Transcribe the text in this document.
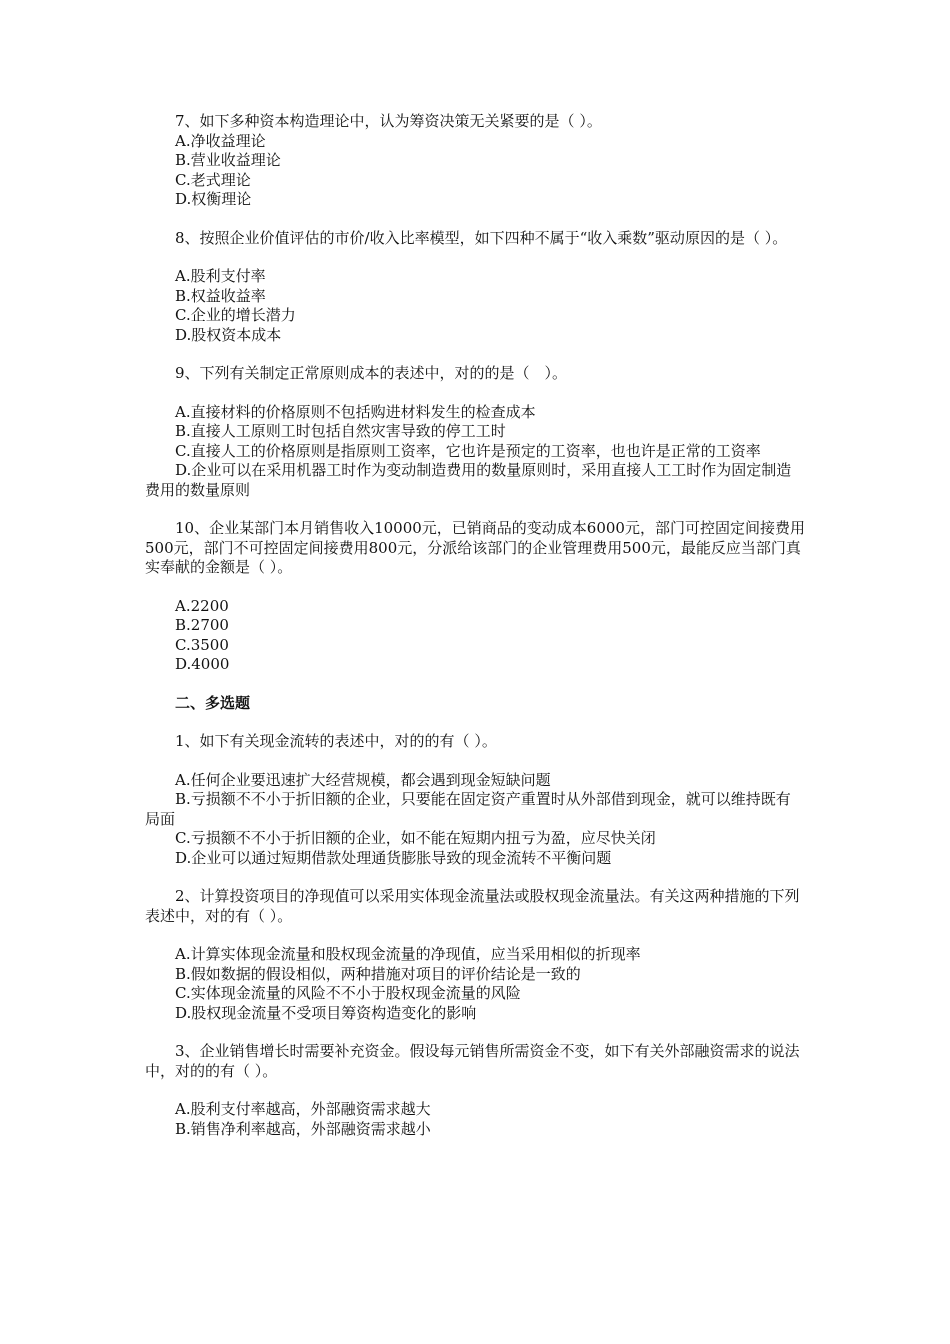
7、如下多种资本构造理论中，认为筹资决策无关紧要的是（ ）。

A.净收益理论

B.营业收益理论

C.老式理论

D.权衡理论

8、按照企业价值评估的市价/收入比率模型，如下四种不属于“收入乘数”驱动原因的是（ ）。

A.股利支付率

B.权益收益率

C.企业的增长潜力

D.股权资本成本

9、下列有关制定正常原则成本的表述中，对的的是（　）。

A.直接材料的价格原则不包括购进材料发生的检查成本

B.直接人工原则工时包括自然灾害导致的停工工时

C.直接人工的价格原则是指原则工资率，它也许是预定的工资率，也也许是正常的工资率

D.企业可以在采用机器工时作为变动制造费用的数量原则时，采用直接人工工时作为固定制造费用的数量原则

10、企业某部门本月销售收入10000元，已销商品的变动成本6000元，部门可控固定间接费用500元，部门不可控固定间接费用800元，分派给该部门的企业管理费用500元，最能反应当部门真实奉献的金额是（ ）。

A.2200

B.2700

C.3500

D.4000

二、多选题

1、如下有关现金流转的表述中，对的的有（ ）。

A.任何企业要迅速扩大经营规模，都会遇到现金短缺问题

B.亏损额不不小于折旧额的企业，只要能在固定资产重置时从外部借到现金，就可以维持既有局面

C.亏损额不不小于折旧额的企业，如不能在短期内扭亏为盈，应尽快关闭

D.企业可以通过短期借款处理通货膨胀导致的现金流转不平衡问题

2、计算投资项目的净现值可以采用实体现金流量法或股权现金流量法。有关这两种措施的下列表述中，对的有（ ）。

A.计算实体现金流量和股权现金流量的净现值，应当采用相似的折现率

B.假如数据的假设相似，两种措施对项目的评价结论是一致的

C.实体现金流量的风险不不小于股权现金流量的风险

D.股权现金流量不受项目筹资构造变化的影响

3、企业销售增长时需要补充资金。假设每元销售所需资金不变，如下有关外部融资需求的说法中，对的的有（ ）。

A.股利支付率越高，外部融资需求越大

B.销售净利率越高，外部融资需求越小
